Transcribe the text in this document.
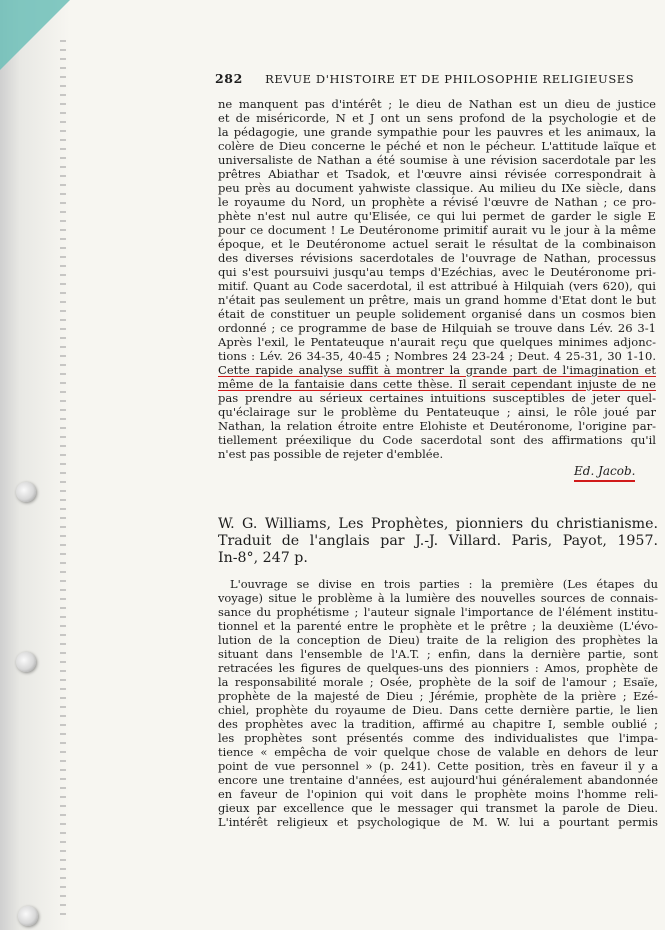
282 REVUE D'HISTOIRE ET DE PHILOSOPHIE RELIGIEUSES
ne manquent pas d'intérêt ; le dieu de Nathan est un dieu de justice
et de miséricorde, N et J ont un sens profond de la psychologie et de
la pédagogie, une grande sympathie pour les pauvres et les animaux, la
colère de Dieu concerne le péché et non le pécheur. L'attitude laïque et
universaliste de Nathan a été soumise à une révision sacerdotale par les
prêtres Abiathar et Tsadok, et l'œuvre ainsi révisée correspondrait à
peu près au document yahwiste classique. Au milieu du IXe siècle, dans
le royaume du Nord, un prophète a révisé l'œuvre de Nathan ; ce pro-
phète n'est nul autre qu'Elisée, ce qui lui permet de garder le sigle E
pour ce document ! Le Deutéronome primitif aurait vu le jour à la même
époque, et le Deutéronome actuel serait le résultat de la combinaison
des diverses révisions sacerdotales de l'ouvrage de Nathan, processus
qui s'est poursuivi jusqu'au temps d'Ezéchias, avec le Deutéronome pri-
mitif. Quant au Code sacerdotal, il est attribué à Hilquiah (vers 620), qui
n'était pas seulement un prêtre, mais un grand homme d'Etat dont le but
était de constituer un peuple solidement organisé dans un cosmos bien
ordonné ; ce programme de base de Hilquiah se trouve dans Lév. 26 3-1
Après l'exil, le Pentateuque n'aurait reçu que quelques minimes adjonc-
tions : Lév. 26 34-35, 40-45 ; Nombres 24 23-24 ; Deut. 4 25-31, 30 1-10.
Cette rapide analyse suffit à montrer la grande part de l'imagination et
même de la fantaisie dans cette thèse. Il serait cependant injuste de ne
pas prendre au sérieux certaines intuitions susceptibles de jeter quel-
qu'éclairage sur le problème du Pentateuque ; ainsi, le rôle joué par
Nathan, la relation étroite entre Elohiste et Deutéronome, l'origine par-
tiellement préexilique du Code sacerdotal sont des affirmations qu'il
n'est pas possible de rejeter d'emblée.
Ed. Jacob.
W. G. Williams, Les Prophètes, pionniers du christianisme.
Traduit de l'anglais par J.-J. Villard. Paris, Payot, 1957.
In-8°, 247 p.
L'ouvrage se divise en trois parties : la première (Les étapes du
voyage) situe le problème à la lumière des nouvelles sources de connais-
sance du prophétisme ; l'auteur signale l'importance de l'élément institu-
tionnel et la parenté entre le prophète et le prêtre ; la deuxième (L'évo-
lution de la conception de Dieu) traite de la religion des prophètes la
situant dans l'ensemble de l'A.T. ; enfin, dans la dernière partie, sont
retracées les figures de quelques-uns des pionniers : Amos, prophète de
la responsabilité morale ; Osée, prophète de la soif de l'amour ; Esaïe,
prophète de la majesté de Dieu ; Jérémie, prophète de la prière ; Ezé-
chiel, prophète du royaume de Dieu. Dans cette dernière partie, le lien
des prophètes avec la tradition, affirmé au chapitre I, semble oublié ;
les prophètes sont présentés comme des individualistes que l'impa-
tience « empêcha de voir quelque chose de valable en dehors de leur
point de vue personnel » (p. 241). Cette position, très en faveur il y a
encore une trentaine d'années, est aujourd'hui généralement abandonnée
en faveur de l'opinion qui voit dans le prophète moins l'homme reli-
gieux par excellence que le messager qui transmet la parole de Dieu.
L'intérêt religieux et psychologique de M. W. lui a pourtant permis
